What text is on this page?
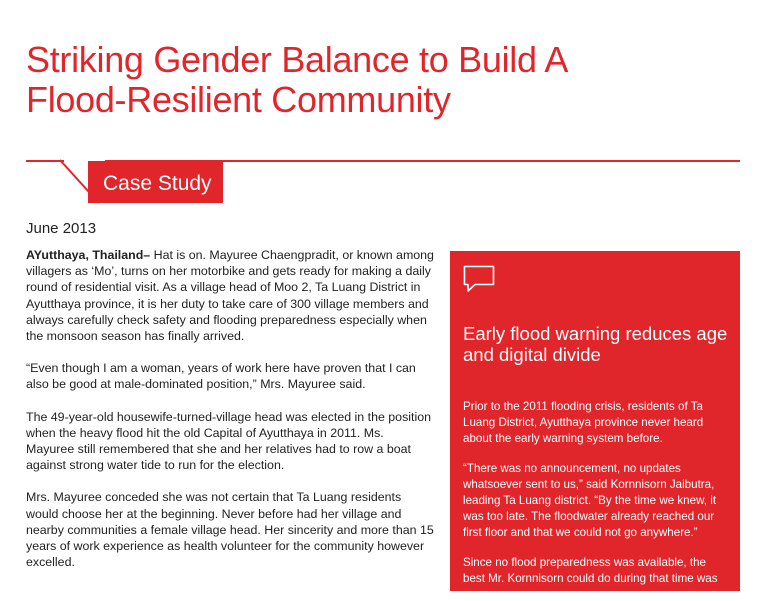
Striking Gender Balance to Build A
Flood-Resilient Community
Case Study
June 2013

AYutthaya, Thailand– Hat is on. Mayuree Chaengpradit, or known among villagers as ‘Mo’, turns on her motorbike and gets ready for making a daily round of residential visit. As a village head of Moo 2, Ta Luang District in Ayutthaya province, it is her duty to take care of 300 village members and always carefully check safety and flooding preparedness especially when the monsoon season has finally arrived.

“Even though I am a woman, years of work here have proven that I can also be good at male-dominated position,” Mrs. Mayuree said.

The 49-year-old housewife-turned-village head was elected in the position when the heavy flood hit the old Capital of Ayutthaya in 2011. Ms. Mayuree still remembered that she and her relatives had to row a boat against strong water tide to run for the election.

Mrs. Mayuree conceded she was not certain that Ta Luang residents would choose her at the beginning. Never before had her village and nearby communities a female village head. Her sincerity and more than 15 years of work experience as health volunteer for the community however excelled.

Early flood warning reduces age and digital divide

Prior to the 2011 flooding crisis, residents of Ta Luang District, Ayutthaya province never heard about the early warning system before.

“There was no announcement, no updates whatsoever sent to us,” said Kornnisorn Jaibutra, leading Ta Luang district. “By the time we knew, it was too late. The floodwater already reached our first floor and that we could not go anywhere.”

Since no flood preparedness was available, the best Mr. Kornnisorn could do during that time was
